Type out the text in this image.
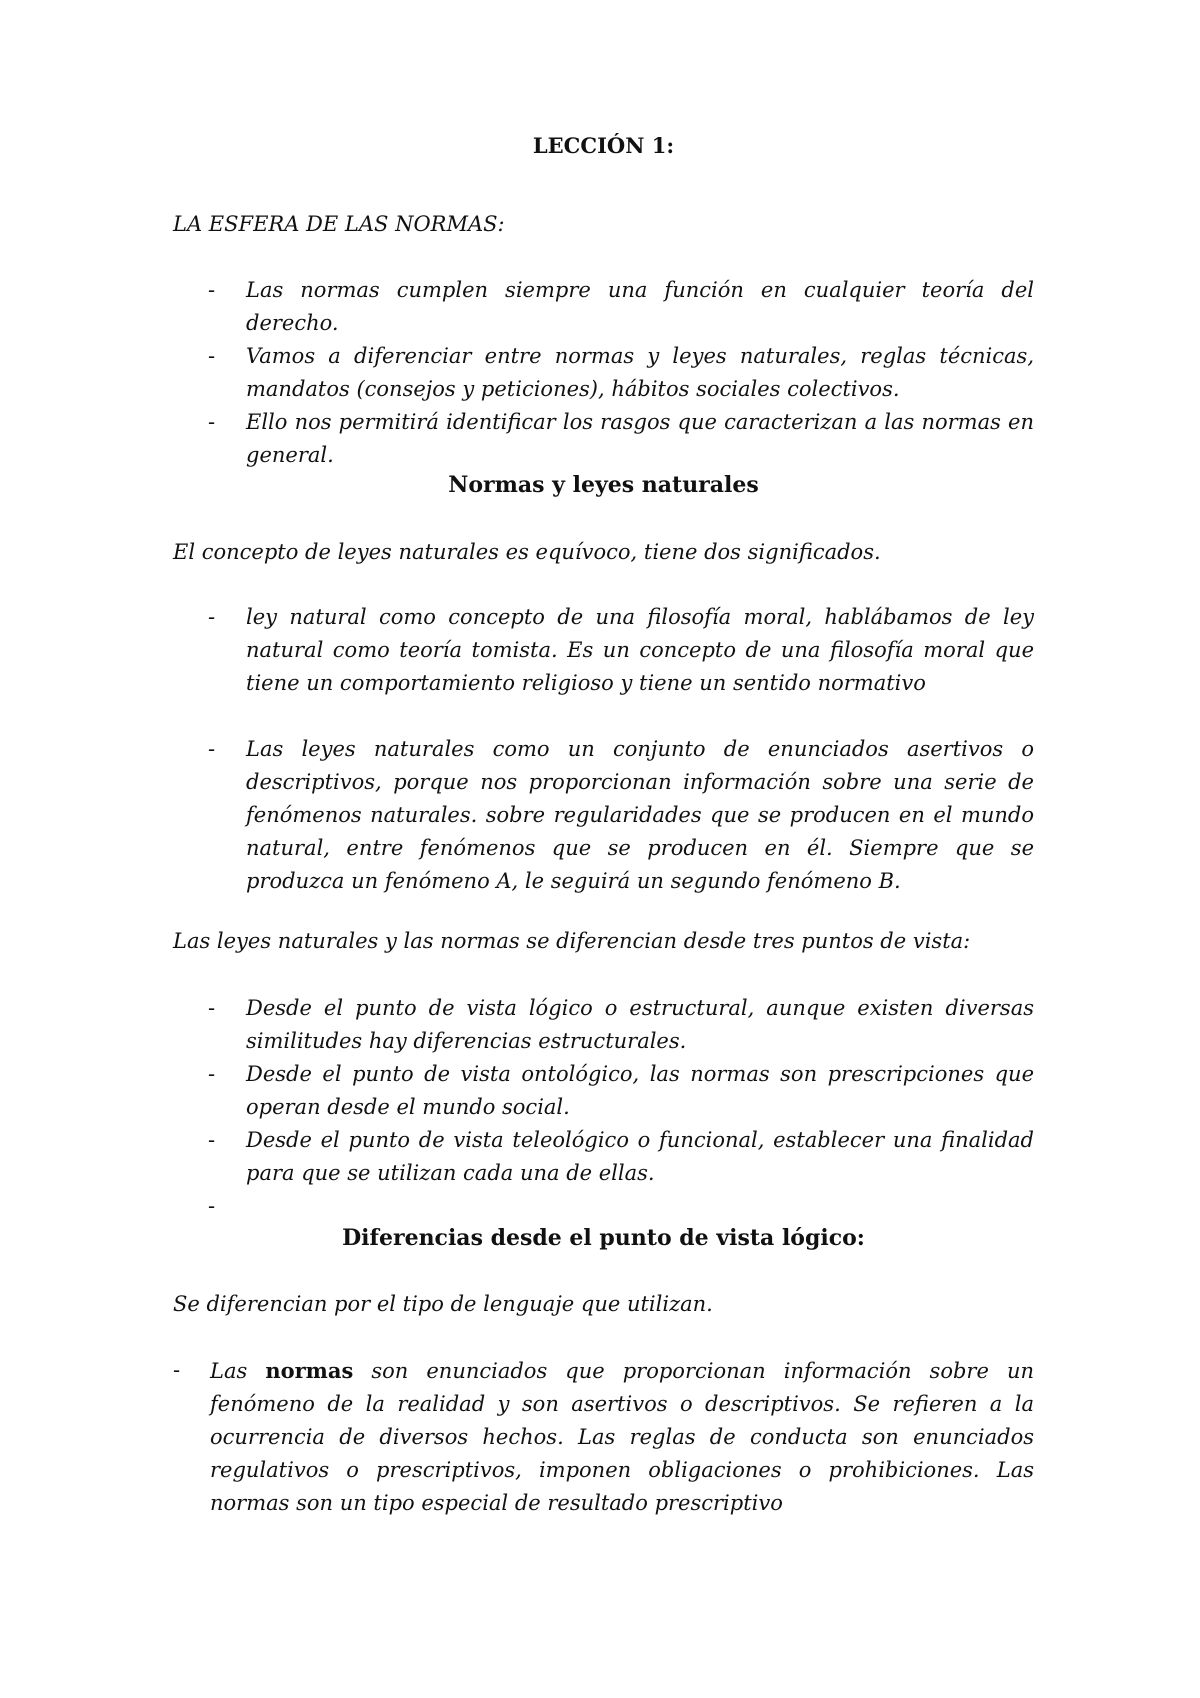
LECCIÓN 1:
LA ESFERA DE LAS NORMAS:
- Las normas cumplen siempre una función en cualquier teoría del derecho.
- Vamos a diferenciar entre normas y leyes naturales, reglas técnicas, mandatos (consejos y peticiones), hábitos sociales colectivos.
- Ello nos permitirá identificar los rasgos que caracterizan a las normas en general.
Normas y leyes naturales
El concepto de leyes naturales es equívoco, tiene dos significados.
- ley natural como concepto de una filosofía moral, hablábamos de ley natural como teoría tomista. Es un concepto de una filosofía moral que tiene un comportamiento religioso y tiene un sentido normativo
- Las leyes naturales como un conjunto de enunciados asertivos o descriptivos, porque nos proporcionan información sobre una serie de fenómenos naturales. sobre regularidades que se producen en el mundo natural, entre fenómenos que se producen en él. Siempre que se produzca un fenómeno A, le seguirá un segundo fenómeno B.
Las leyes naturales y las normas se diferencian desde tres puntos de vista:
- Desde el punto de vista lógico o estructural, aunque existen diversas similitudes hay diferencias estructurales.
- Desde el punto de vista ontológico, las normas son prescripciones que operan desde el mundo social.
- Desde el punto de vista teleológico o funcional, establecer una finalidad para que se utilizan cada una de ellas.
-
Diferencias desde el punto de vista lógico:
Se diferencian por el tipo de lenguaje que utilizan.
- Las normas son enunciados que proporcionan información sobre un fenómeno de la realidad y son asertivos o descriptivos. Se refieren a la ocurrencia de diversos hechos. Las reglas de conducta son enunciados regulativos o prescriptivos, imponen obligaciones o prohibiciones. Las normas son un tipo especial de resultado prescriptivo
